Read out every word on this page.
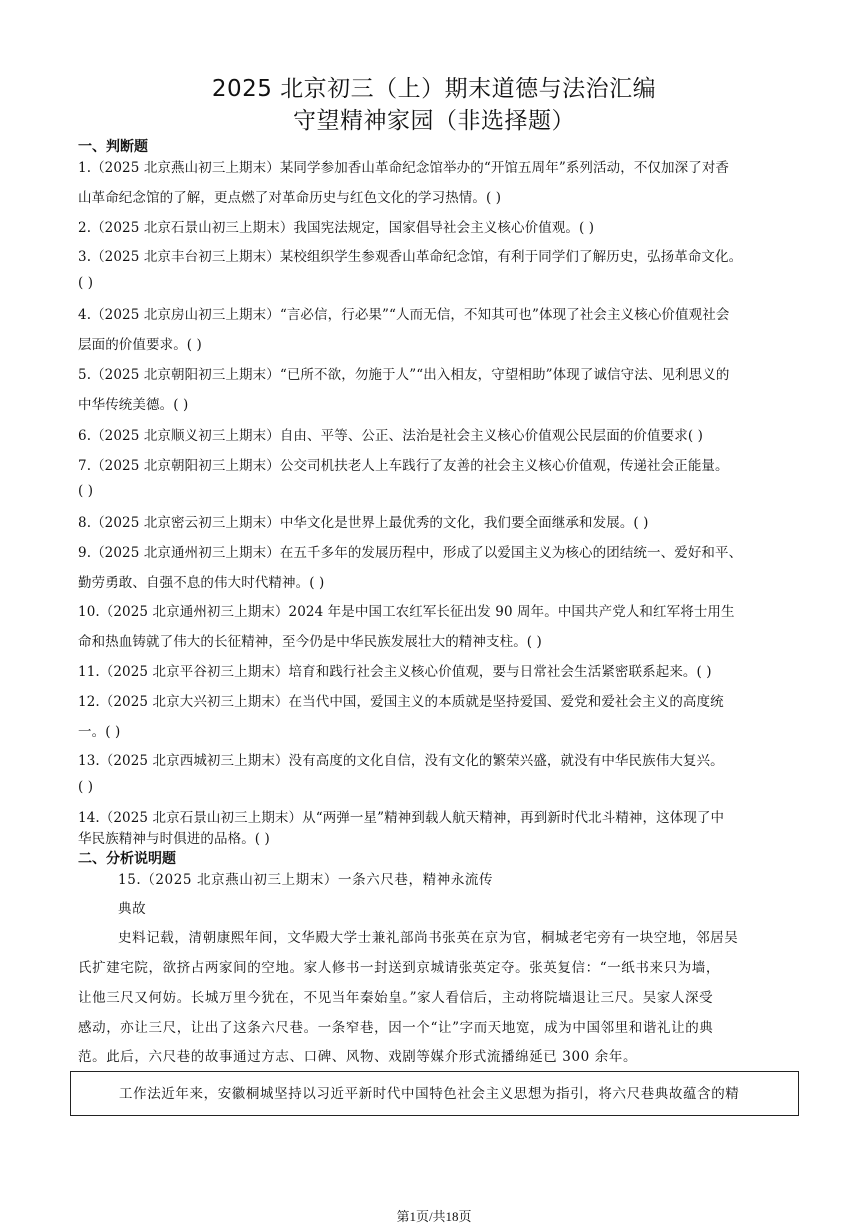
2025 北京初三（上）期末道德与法治汇编
守望精神家园（非选择题）
一、判断题
1.（2025 北京燕山初三上期末）某同学参加香山革命纪念馆举办的“开馆五周年”系列活动，不仅加深了对香
山革命纪念馆的了解，更点燃了对革命历史与红色文化的学习热情。( )
2.（2025 北京石景山初三上期末）我国宪法规定，国家倡导社会主义核心价值观。( )
3.（2025 北京丰台初三上期末）某校组织学生参观香山革命纪念馆，有利于同学们了解历史，弘扬革命文化。
( )
4.（2025 北京房山初三上期末）“言必信，行必果”“人而无信，不知其可也”体现了社会主义核心价值观社会
层面的价值要求。( )
5.（2025 北京朝阳初三上期末）“已所不欲，勿施于人”“出入相友，守望相助”体现了诚信守法、见利思义的
中华传统美德。( )
6.（2025 北京顺义初三上期末）自由、平等、公正、法治是社会主义核心价值观公民层面的价值要求( )
7.（2025 北京朝阳初三上期末）公交司机扶老人上车践行了友善的社会主义核心价值观，传递社会正能量。
( )
8.（2025 北京密云初三上期末）中华文化是世界上最优秀的文化，我们要全面继承和发展。( )
9.（2025 北京通州初三上期末）在五千多年的发展历程中，形成了以爱国主义为核心的团结统一、爱好和平、
勤劳勇敢、自强不息的伟大时代精神。( )
10.（2025 北京通州初三上期末）2024 年是中国工农红军长征出发 90 周年。中国共产党人和红军将士用生
命和热血铸就了伟大的长征精神，至今仍是中华民族发展壮大的精神支柱。( )
11.（2025 北京平谷初三上期末）培育和践行社会主义核心价值观，要与日常社会生活紧密联系起来。( )
12.（2025 北京大兴初三上期末）在当代中国，爱国主义的本质就是坚持爱国、爱党和爱社会主义的高度统
一。( )
13.（2025 北京西城初三上期末）没有高度的文化自信，没有文化的繁荣兴盛，就没有中华民族伟大复兴。
( )
14.（2025 北京石景山初三上期末）从“两弹一星”精神到载人航天精神，再到新时代北斗精神，这体现了中
华民族精神与时俱进的品格。( )
二、分析说明题
15.（2025 北京燕山初三上期末）一条六尺巷，精神永流传
典故
史料记载，清朝康熙年间，文华殿大学士兼礼部尚书张英在京为官，桐城老宅旁有一块空地，邻居吴
氏扩建宅院，欲挤占两家间的空地。家人修书一封送到京城请张英定夺。张英复信：“一纸书来只为墙，
让他三尺又何妨。长城万里今犹在，不见当年秦始皇。”家人看信后，主动将院墙退让三尺。吴家人深受
感动，亦让三尺，让出了这条六尺巷。一条窄巷，因一个“让”字而天地宽，成为中国邻里和谐礼让的典
范。此后，六尺巷的故事通过方志、口碑、风物、戏剧等媒介形式流播绵延已 300 余年。
工作法近年来，安徽桐城坚持以习近平新时代中国特色社会主义思想为指引，将六尺巷典故蕴含的精
第1页/共18页
